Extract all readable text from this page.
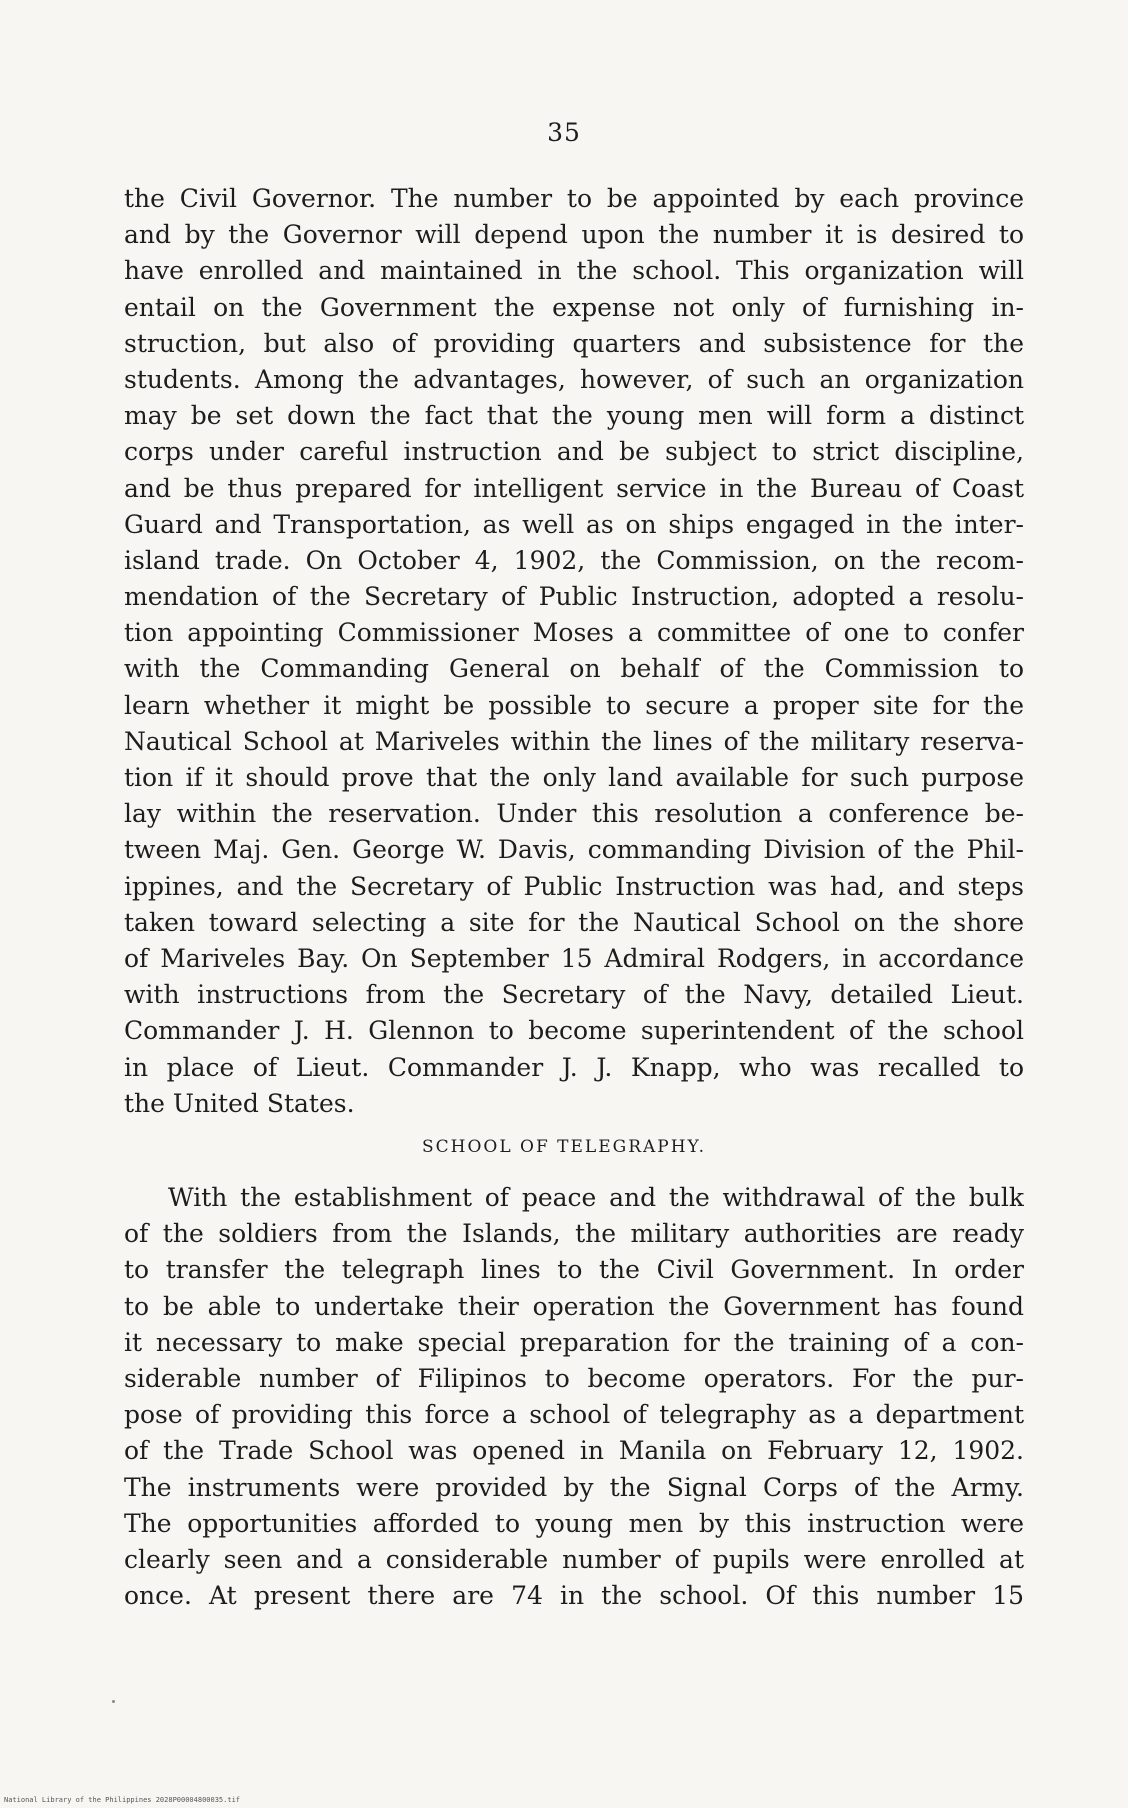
35
the Civil Governor. The number to be appointed by each province
and by the Governor will depend upon the number it is desired to
have enrolled and maintained in the school. This organization will
entail on the Government the expense not only of furnishing in-
struction, but also of providing quarters and subsistence for the
students. Among the advantages, however, of such an organization
may be set down the fact that the young men will form a distinct
corps under careful instruction and be subject to strict discipline,
and be thus prepared for intelligent service in the Bureau of Coast
Guard and Transportation, as well as on ships engaged in the inter-
island trade. On October 4, 1902, the Commission, on the recom-
mendation of the Secretary of Public Instruction, adopted a resolu-
tion appointing Commissioner Moses a committee of one to confer
with the Commanding General on behalf of the Commission to
learn whether it might be possible to secure a proper site for the
Nautical School at Mariveles within the lines of the military reserva-
tion if it should prove that the only land available for such purpose
lay within the reservation. Under this resolution a conference be-
tween Maj. Gen. George W. Davis, commanding Division of the Phil-
ippines, and the Secretary of Public Instruction was had, and steps
taken toward selecting a site for the Nautical School on the shore
of Mariveles Bay. On September 15 Admiral Rodgers, in accordance
with instructions from the Secretary of the Navy, detailed Lieut.
Commander J. H. Glennon to become superintendent of the school
in place of Lieut. Commander J. J. Knapp, who was recalled to
the United States.
SCHOOL OF TELEGRAPHY.
With the establishment of peace and the withdrawal of the bulk
of the soldiers from the Islands, the military authorities are ready
to transfer the telegraph lines to the Civil Government. In order
to be able to undertake their operation the Government has found
it necessary to make special preparation for the training of a con-
siderable number of Filipinos to become operators. For the pur-
pose of providing this force a school of telegraphy as a department
of the Trade School was opened in Manila on February 12, 1902.
The instruments were provided by the Signal Corps of the Army.
The opportunities afforded to young men by this instruction were
clearly seen and a considerable number of pupils were enrolled at
once. At present there are 74 in the school. Of this number 15
National Library of the Philippines 2028P00004800035.tif
